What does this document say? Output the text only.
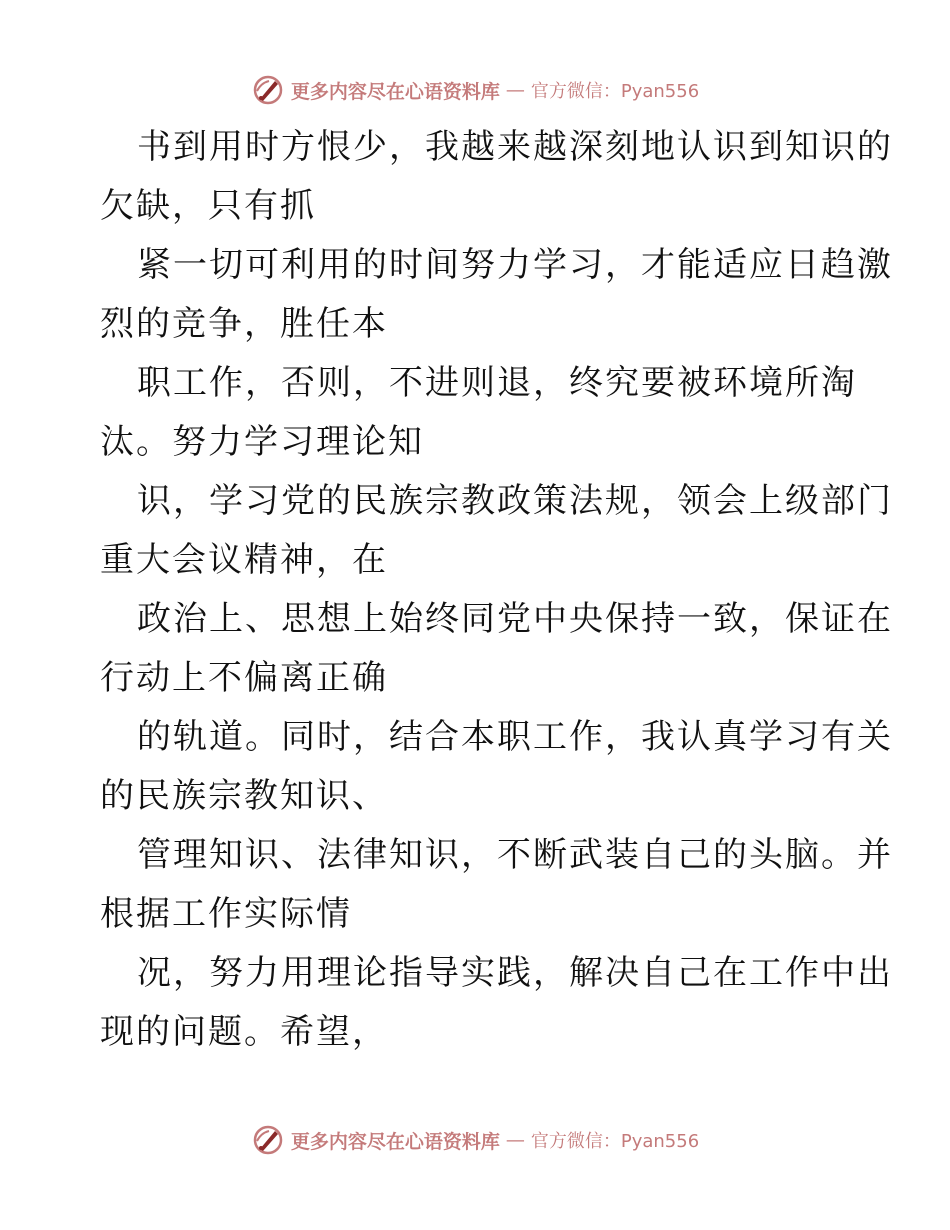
更多内容尽在心语资料库 — 官方微信：Pyan556
书到用时方恨少，我越来越深刻地认识到知识的
欠缺，只有抓
紧一切可利用的时间努力学习，才能适应日趋激
烈的竞争，胜任本
职工作，否则，不进则退，终究要被环境所淘
汰。努力学习理论知
识，学习党的民族宗教政策法规，领会上级部门
重大会议精神，在
政治上、思想上始终同党中央保持一致，保证在
行动上不偏离正确
的轨道。同时，结合本职工作，我认真学习有关
的民族宗教知识、
管理知识、法律知识，不断武装自己的头脑。并
根据工作实际情
况，努力用理论指导实践，解决自己在工作中出
现的问题。希望，
更多内容尽在心语资料库 — 官方微信：Pyan556
